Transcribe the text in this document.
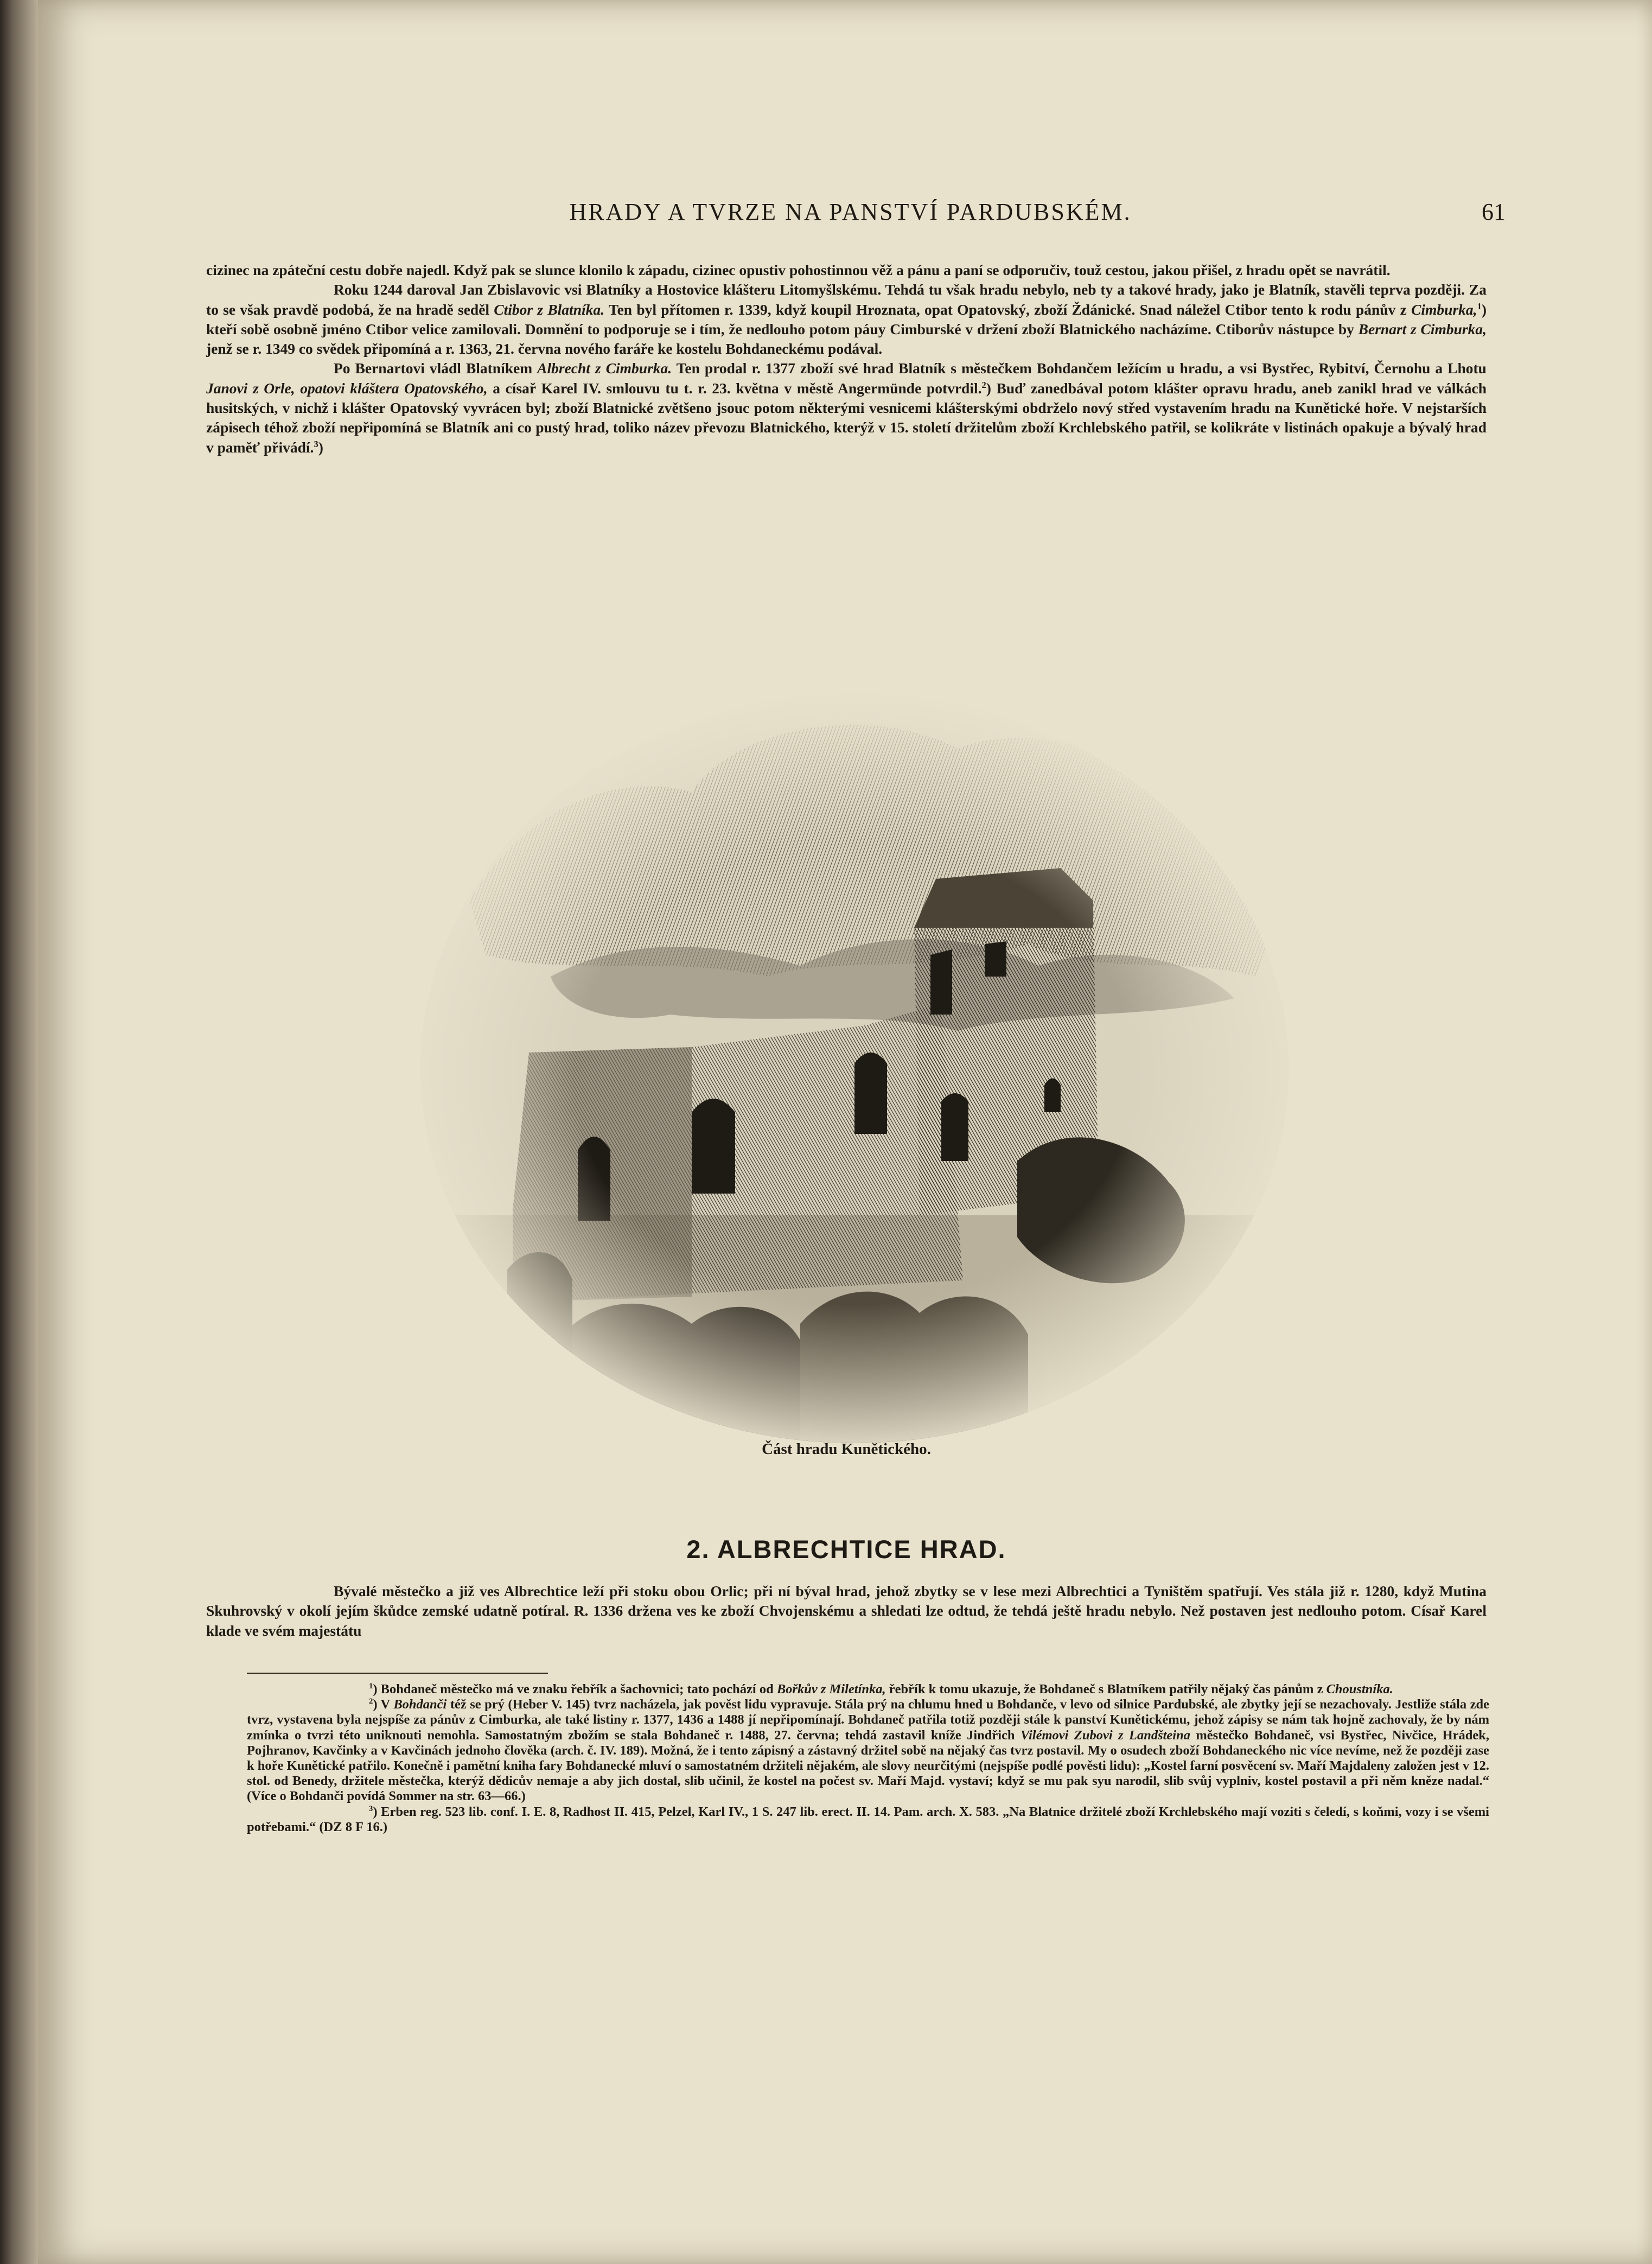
HRADY A TVRZE NA PANSTVÍ PARDUBSKÉM.	61

cizinec na zpáteční cestu dobře najedl. Když pak se slunce klonilo k západu, cizinec opustiv pohostinnou věž a pánu a paní se odporučiv, touž cestou, jakou přišel, z hradu opět se navrátil.

Roku 1244 daroval Jan Zbislavovic vsi Blatníky a Hostovice klášteru Litomyšlskému. Tehdá tu však hradu nebylo, neb ty a takové hrady, jako je Blatník, stavěli teprva později. Za to se však pravdě podobá, že na hradě seděl Ctibor z Blatníka. Ten byl přítomen r. 1339, když koupil Hroznata, opat Opatovský, zboží Ždánické. Snad náležel Ctibor tento k rodu pánův z Cimburka,$^1$) kteří sobě osobně jméno Ctibor velice zamilovali. Domnění to podporuje se i tím, že nedlouho potom páuy Cimburské v držení zboží Blatnického nacházíme. Ctiborův nástupce by Bernart z Cimburka, jenž se r. 1349 co svědek připomíná a r. 1363, 21. června nového faráře ke kostelu Bohdaneckému podával.

Po Bernartovi vládl Blatníkem Albrecht z Cimburka. Ten prodal r. 1377 zboží své hrad Blatník s městečkem Bohdančem ležícím u hradu, a vsi Bystřec, Rybitví, Černohu a Lhotu Janovi z Orle, opatovi kláštera Opatovského, a císař Karel IV. smlouvu tu t. r. 23. května v městě Angermünde potvrdil.$^2$) Buď zanedbával potom klášter opravu hradu, aneb zanikl hrad ve válkách husitských, v nichž i klášter Opatovský vyvrácen byl; zboží Blatnické zvětšeno jsouc potom některými vesnicemi klášterskými obdrželo nový střed vystavením hradu na Kunětické hoře. V nejstarších zápisech téhož zboží nepřipomíná se Blatník ani co pustý hrad, toliko název převozu Blatnického, kterýž v 15. století držitelům zboží Krchlebského patřil, se kolikráte v listinách opakuje a bývalý hrad v paměť přivádí.$^3$)

Část hradu Kunětického.
2. ALBRECHTICE HRAD.

Bývalé městečko a již ves Albrechtice leží při stoku obou Orlic; při ní býval hrad, jehož zbytky se v lese mezi Albrechtici a Tyništěm spatřují. Ves stála již r. 1280, když Mutina Skuhrovský v okolí jejím škůdce zemské udatně potíral. R. 1336 držena ves ke zboží Chvojenskému a shledati lze odtud, že tehdá ještě hradu nebylo. Než postaven jest nedlouho potom. Císař Karel klade ve svém majestátu

$^1$) Bohdaneč městečko má ve znaku řebřík a šachovnici; tato pochází od Bořkův z Miletínka, řebřík k tomu ukazuje, že Bohdaneč s Blatníkem patřily nějaký čas pánům z Choustníka.

$^2$) V Bohdanči též se prý (Heber V. 145) tvrz nacházela, jak pověst lidu vypravuje. Stála prý na chlumu hned u Bohdanče, v levo od silnice Pardubské, ale zbytky její se nezachovaly. Jestliže stála zde tvrz, vystavena byla nejspíše za pánův z Cimburka, ale také listiny r. 1377, 1436 a 1488 jí nepřipomínají. Bohdaneč patřila totiž později stále k panství Kunětickému, jehož zápisy se nám tak hojně zachovaly, že by nám zmínka o tvrzi této uniknouti nemohla. Samostatným zbožím se stala Bohdaneč r. 1488, 27. června; tehdá zastavil kníže Jindřich Vilémovi Zubovi z Landšteina městečko Bohdaneč, vsi Bystřec, Nivčice, Hrádek, Pojhranov, Kavčinky a v Kavčinách jednoho člověka (arch. č. IV. 189). Možná, že i tento zápisný a zástavný držitel sobě na nějaký čas tvrz postavil. My o osudech zboží Bohdaneckého nic více nevíme, než že později zase k hoře Kunětické patřilo. Konečně i pamětní kniha fary Bohdanecké mluví o samostatném držiteli nějakém, ale slovy neurčitými (nejspíše podlé pověsti lidu): „Kostel farní posvěcení sv. Maří Majdaleny založen jest v 12. stol. od Benedy, držitele městečka, kterýž dědicův nemaje a aby jich dostal, slib učinil, že kostel na počest sv. Maří Majd. vystaví; když se mu pak syu narodil, slib svůj vyplniv, kostel postavil a při něm kněze nadal.“ (Více o Bohdanči povídá Sommer na str. 63—66.)

$^3$) Erben reg. 523 lib. conf. I. E. 8, Radhost II. 415, Pelzel, Karl IV., 1 S. 247 lib. erect. II. 14. Pam. arch. X. 583. „Na Blatnice držitelé zboží Krchlebského mají voziti s čeledí, s koňmi, vozy i se všemi potřebami.“ (DZ 8 F 16.)
